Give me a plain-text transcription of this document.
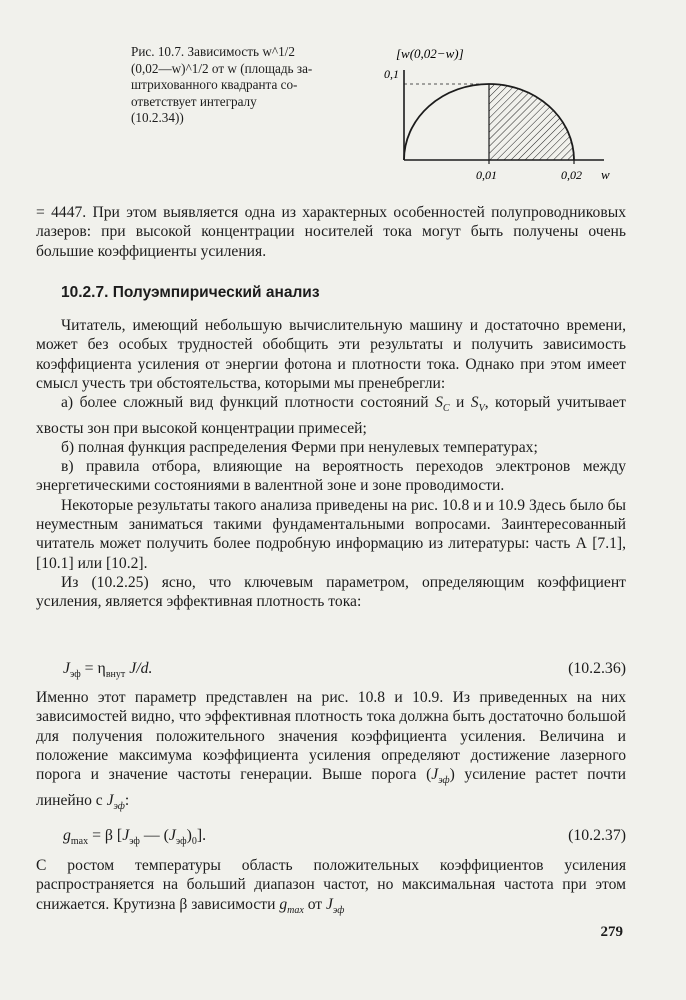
Рис. 10.7. Зависимость w^1/2
(0,02—w)^1/2 от w (площадь за-
штрихованного квадранта со-
ответствует интегралу
(10.2.34))
[w(0,02−w)]
0,1
0,01	0,02 w

= 4447. При этом выявляется одна из характерных особенностей полупроводниковых лазеров: при высокой концентрации носителей тока могут быть получены очень большие коэффициенты усиления.

10.2.7. Полуэмпирический анализ

Читатель, имеющий небольшую вычислительную машину и достаточно времени, может без особых трудностей обобщить эти результаты и получить зависимость коэффициента усиления от энергии фотона и плотности тока. Однако при этом имеет смысл учесть три обстоятельства, которыми мы пренебрегли:

а) более сложный вид функций плотности состояний $S_C$ и $S_V$, который учитывает хвосты зон при высокой концентрации примесей;

б) полная функция распределения Ферми при ненулевых температурах;

в) правила отбора, влияющие на вероятность переходов электронов между энергетическими состояниями в валентной зоне и зоне проводимости.

Некоторые результаты такого анализа приведены на рис. 10.8 и и 10.9 Здесь было бы неуместным заниматься такими фундаментальными вопросами. Заинтересованный читатель может получить более подробную информацию из литературы: часть А [7.1], [10.1] или [10.2].

Из (10.2.25) ясно, что ключевым параметром, определяющим коэффициент усиления, является эффективная плотность тока:

$J_{эф} = \eta_{внут}$ J/d.	(10.2.36)

Именно этот параметр представлен на рис. 10.8 и 10.9. Из приведенных на них зависимостей видно, что эффективная плотность тока должна быть достаточно большой для получения положительного значения коэффициента усиления. Величина и положение максимума коэффициента усиления определяют достижение лазерного порога и значение частоты генерации. Выше порога $(J_{эф})$ усиление растет почти линейно с $J_{эф}$:

$g_{max} = \beta$ [$J_{эф}$ — $(J_{эф})_0$].	(10.2.37)

С ростом температуры область положительных коэффициентов усиления распространяется на больший диапазон частот, но максимальная частота при этом снижается. Крутизна β зависимости $g_{max}$ от $J_{эф}$

279
